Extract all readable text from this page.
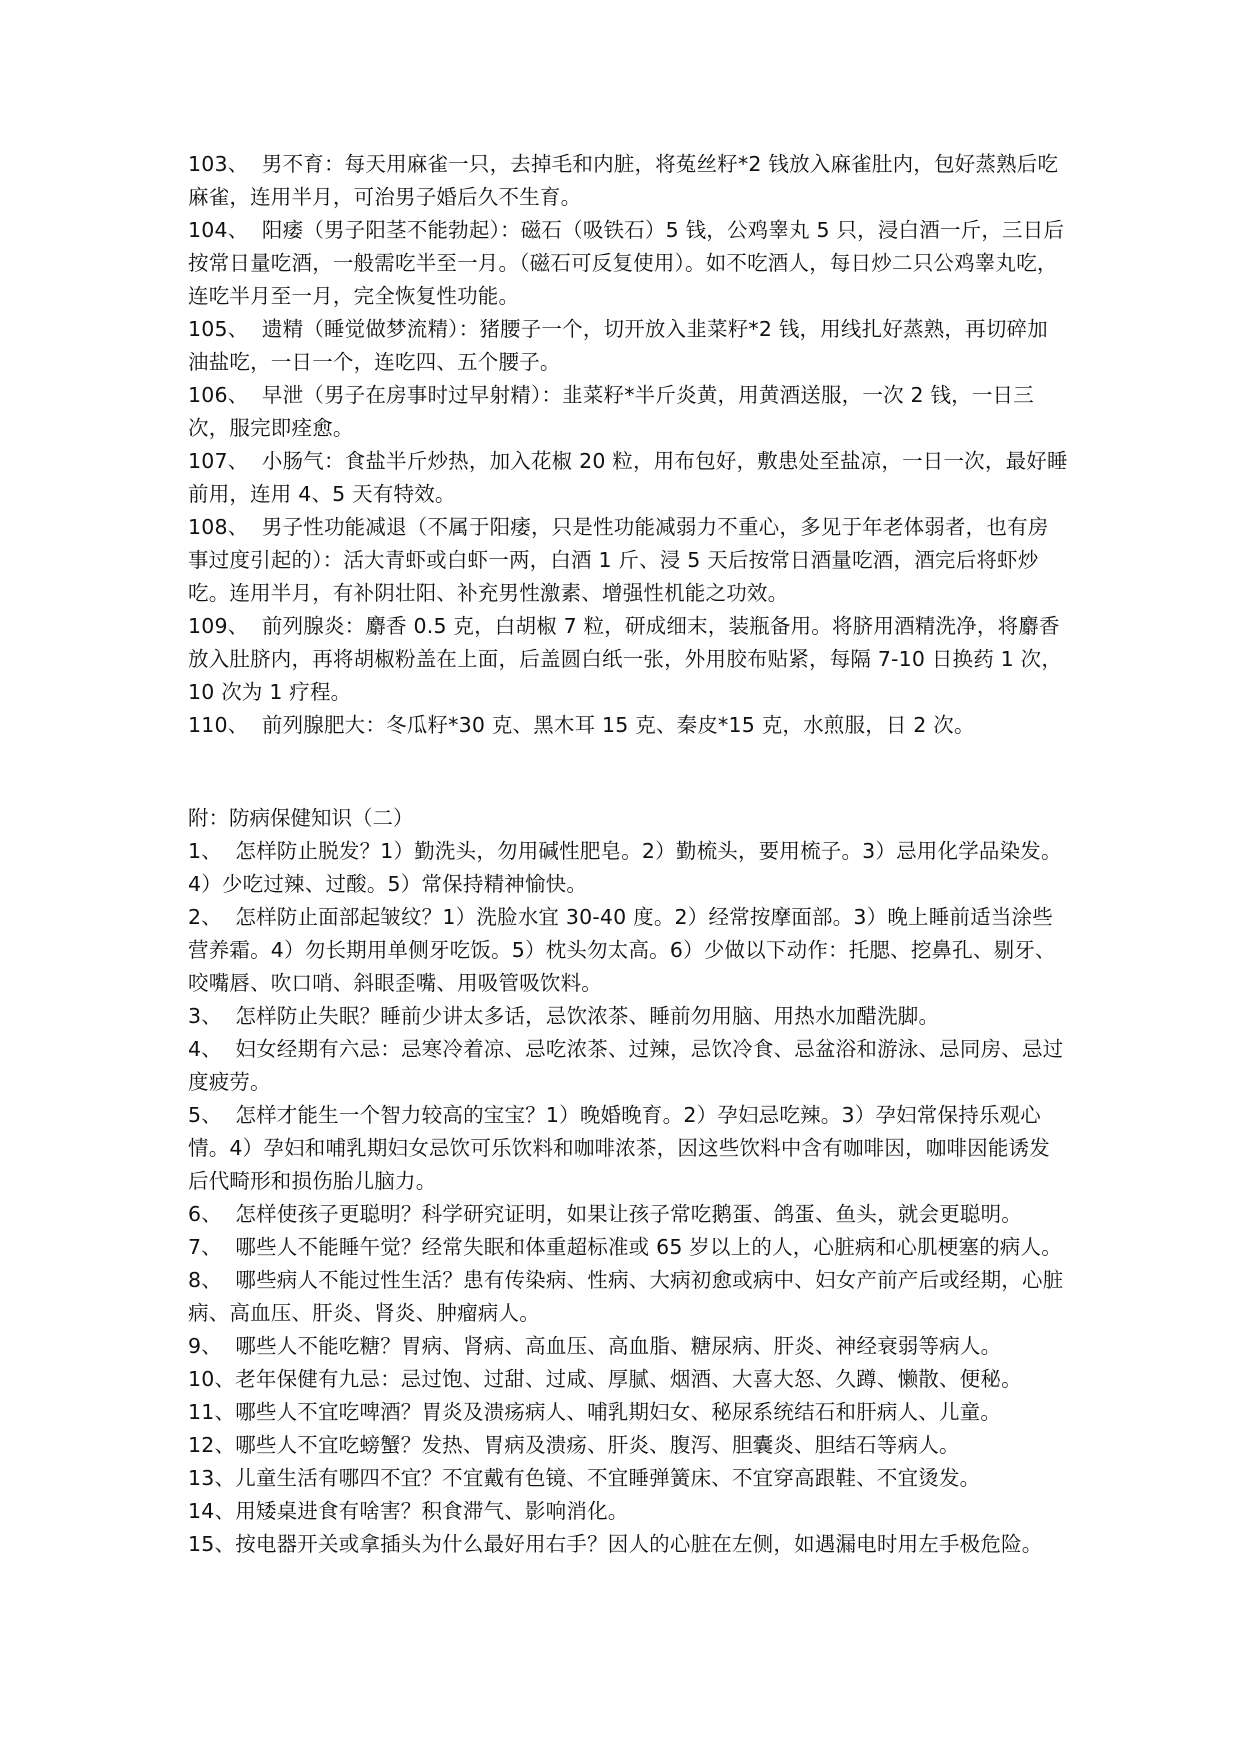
103、  男不育：每天用麻雀一只，去掉毛和内脏，将菟丝籽*2 钱放入麻雀肚内，包好蒸熟后吃麻雀，连用半月，可治男子婚后久不生育。
104、  阳痿（男子阳茎不能勃起）：磁石（吸铁石）5 钱，公鸡睾丸 5 只，浸白酒一斤，三日后按常日量吃酒，一般需吃半至一月。（磁石可反复使用）。如不吃酒人，每日炒二只公鸡睾丸吃，连吃半月至一月，完全恢复性功能。
105、  遗精（睡觉做梦流精）：猪腰子一个，切开放入韭菜籽*2 钱，用线扎好蒸熟，再切碎加油盐吃，一日一个，连吃四、五个腰子。
106、  早泄（男子在房事时过早射精）：韭菜籽*半斤炎黄，用黄酒送服，一次 2 钱，一日三次，服完即痊愈。
107、  小肠气：食盐半斤炒热，加入花椒 20 粒，用布包好，敷患处至盐凉，一日一次，最好睡前用，连用 4、5 天有特效。
108、  男子性功能减退（不属于阳痿，只是性功能减弱力不重心，多见于年老体弱者，也有房事过度引起的）：活大青虾或白虾一两，白酒 1 斤、浸 5 天后按常日酒量吃酒，酒完后将虾炒吃。连用半月，有补阴壮阳、补充男性激素、增强性机能之功效。
109、  前列腺炎：麝香 0.5 克，白胡椒 7 粒，研成细末，装瓶备用。将脐用酒精洗净，将麝香放入肚脐内，再将胡椒粉盖在上面，后盖圆白纸一张，外用胶布贴紧，每隔 7-10 日换药 1 次，10 次为 1 疗程。
110、  前列腺肥大：冬瓜籽*30 克、黑木耳 15 克、秦皮*15 克，水煎服，日 2 次。
附：防病保健知识（二）
1、  怎样防止脱发？1）勤洗头，勿用碱性肥皂。2）勤梳头，要用梳子。3）忌用化学品染发。4）少吃过辣、过酸。5）常保持精神愉快。
2、  怎样防止面部起皱纹？1）洗脸水宜 30-40 度。2）经常按摩面部。3）晚上睡前适当涂些营养霜。4）勿长期用单侧牙吃饭。5）枕头勿太高。6）少做以下动作：托腮、挖鼻孔、剔牙、咬嘴唇、吹口哨、斜眼歪嘴、用吸管吸饮料。
3、  怎样防止失眠？睡前少讲太多话，忌饮浓茶、睡前勿用脑、用热水加醋洗脚。
4、  妇女经期有六忌：忌寒冷着凉、忌吃浓茶、过辣，忌饮冷食、忌盆浴和游泳、忌同房、忌过度疲劳。
5、  怎样才能生一个智力较高的宝宝？1）晚婚晚育。2）孕妇忌吃辣。3）孕妇常保持乐观心情。4）孕妇和哺乳期妇女忌饮可乐饮料和咖啡浓茶，因这些饮料中含有咖啡因，咖啡因能诱发后代畸形和损伤胎儿脑力。
6、  怎样使孩子更聪明？科学研究证明，如果让孩子常吃鹅蛋、鸽蛋、鱼头，就会更聪明。
7、  哪些人不能睡午觉？经常失眠和体重超标准或 65 岁以上的人，心脏病和心肌梗塞的病人。
8、  哪些病人不能过性生活？患有传染病、性病、大病初愈或病中、妇女产前产后或经期，心脏病、高血压、肝炎、肾炎、肿瘤病人。
9、  哪些人不能吃糖？胃病、肾病、高血压、高血脂、糖尿病、肝炎、神经衰弱等病人。
10、老年保健有九忌：忌过饱、过甜、过咸、厚腻、烟酒、大喜大怒、久蹲、懒散、便秘。
11、哪些人不宜吃啤酒？胃炎及溃疡病人、哺乳期妇女、秘尿系统结石和肝病人、儿童。
12、哪些人不宜吃螃蟹？发热、胃病及溃疡、肝炎、腹泻、胆囊炎、胆结石等病人。
13、儿童生活有哪四不宜？不宜戴有色镜、不宜睡弹簧床、不宜穿高跟鞋、不宜烫发。
14、用矮桌进食有啥害？积食滞气、影响消化。
15、按电器开关或拿插头为什么最好用右手？因人的心脏在左侧，如遇漏电时用左手极危险。
